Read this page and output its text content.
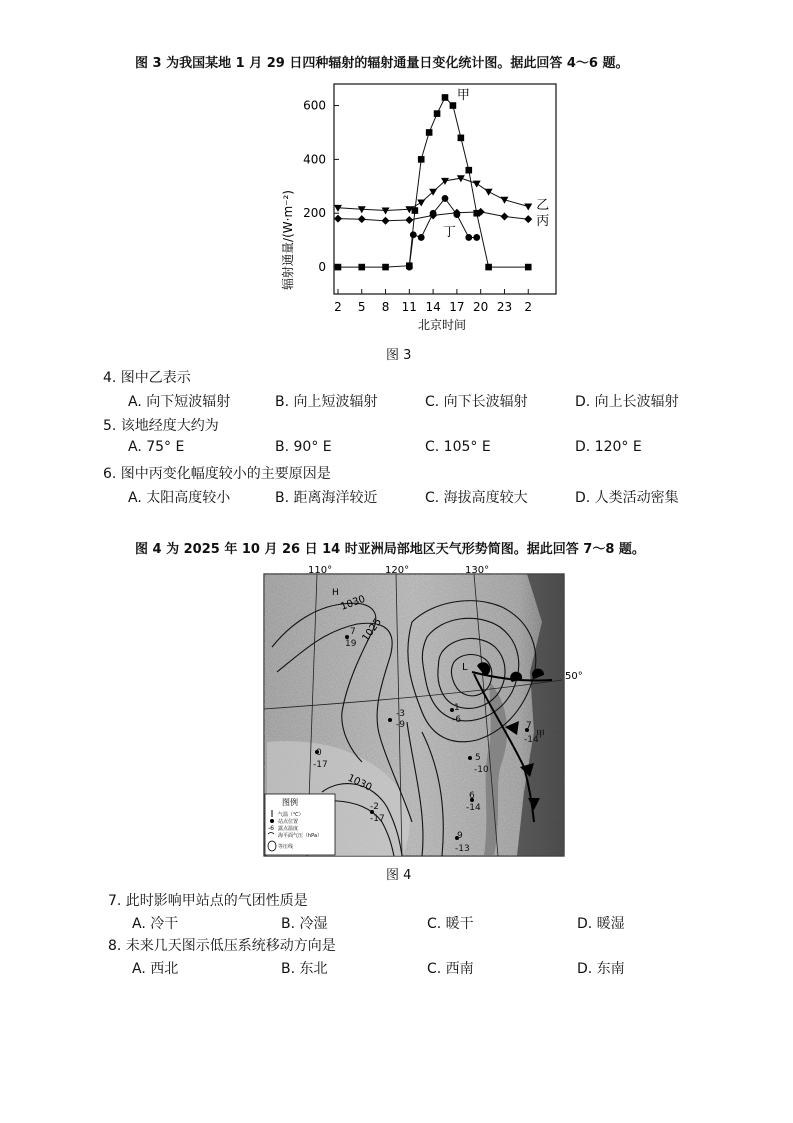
图 3 为我国某地 1 月 29 日四种辐射的辐射通量日变化统计图。据此回答 4～6 题。
辐射通量/(W·m⁻²)
北京时间
0
200
400
600
2 5 8 11 14 17 20 23 2
甲
乙
丙
丁
图 3
4. 图中乙表示
A. 向下短波辐射	B. 向上短波辐射	C. 向下长波辐射	D. 向上长波辐射
5. 该地经度大约为
A. 75° E	B. 90° E	C. 105° E	D. 120° E
6. 图中丙变化幅度较小的主要原因是
A. 太阳高度较小	B. 距离海洋较近	C. 海拔高度较大	D. 人类活动密集
图 4 为 2025 年 10 月 26 日 14 时亚洲局部地区天气形势简图。据此回答 7～8 题。
110°	120°	130°
50°
1030
1025
1030
H
L
甲
7
19
-3
-9
1
-6
0
-17
5
-10
7
-14
6
-14
-2
-17
9
-13
图例
气温（℃）
站点位置
-6 露点温度
海平面气压（hPa）
等压线
图 4
7. 此时影响甲站点的气团性质是
A. 冷干	B. 冷湿	C. 暖干	D. 暖湿
8. 未来几天图示低压系统移动方向是
A. 西北	B. 东北	C. 西南	D. 东南
